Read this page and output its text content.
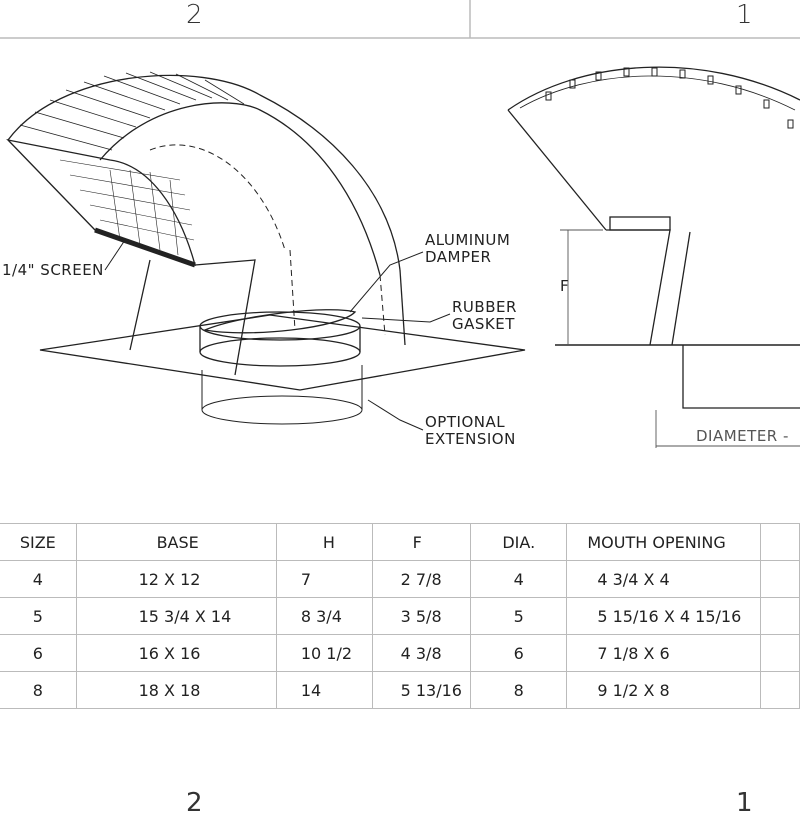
2	1
2	1
1/4" SCREEN
ALUMINUM
DAMPER
RUBBER
GASKET
OPTIONAL
EXTENSION
F
DIAMETER -
SIZE	BASE	H	F	DIA.	MOUTH OPENING	
4	12 X 12	7	2 7/8	4	4 3/4 X 4	
5	15 3/4 X 14	8 3/4	3 5/8	5	5 15/16 X 4 15/16	
6	16 X 16	10 1/2	4 3/8	6	7 1/8 X 6	
8	18 X 18	14	5 13/16	8	9 1/2 X 8	
